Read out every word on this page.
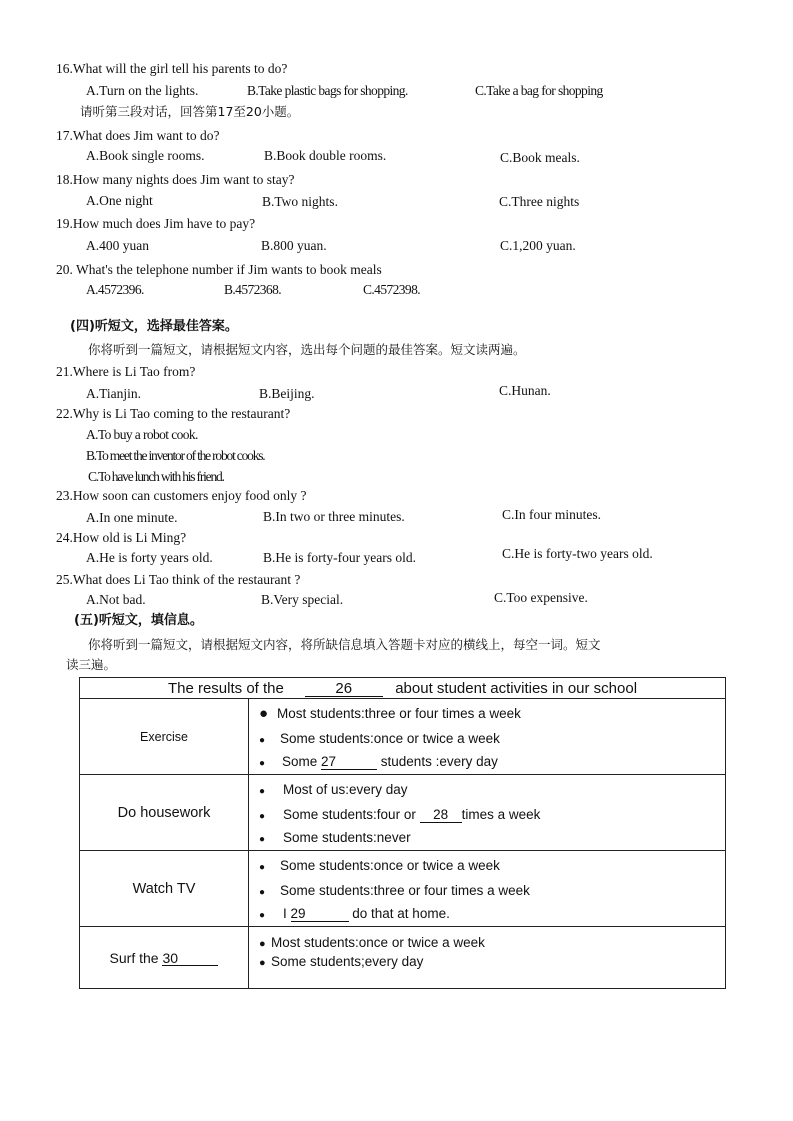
16.What will the girl tell his parents to do?
A.Turn on the lights.	B.Take plastic bags for shopping.	C.Take a bag for shopping
请听第三段对话，回答第17至20小题。
17.What does Jim want to do?
A.Book single rooms.	B.Book double rooms.	C.Book meals.
18.How many nights does Jim want to stay?
A.One night	B.Two nights.	C.Three nights
19.How much does Jim have to pay?
A.400 yuan	B.800 yuan.	C.1,200 yuan.
20. What's the telephone number if Jim wants to book meals
A.4572396.	B.4572368.	C.4572398.
(四)听短文，选择最佳答案。
你将听到一篇短文，请根据短文内容，选出每个问题的最佳答案。短文读两遍。
21.Where is Li Tao from?
A.Tianjin.	B.Beijing.	C.Hunan.
22.Why is Li Tao coming to the restaurant?
A.To buy a robot cook.
B.To meet the inventor of the robot cooks.
C.To have lunch with his friend.
23.How soon can customers enjoy food only ?
A.In one minute.	B.In two or three minutes.	C.In four minutes.
24.How old is Li Ming?
A.He is forty years old.	B.He is forty-four years old.	C.He is forty-two years old.
25.What does Li Tao think of the restaurant ?
A.Not bad.	B.Very special.	C.Too expensive.
(五)听短文，填信息。
你将听到一篇短文，请根据短文内容，将所缺信息填入答题卡对应的横线上，每空一词。短文
读三遍。
The results of the 26 about student activities in our school	
Exercise	● Most students:three or four times a week
● Some students:once or twice a week
● Some 27 students :every day

Do housework	● Most of us:every day
● Some students:four or 28 times a week
● Some students:never

Watch TV	● Some students:once or twice a week
● Some students:three or four times a week
● I 29 do that at home.

Surf the 30	● Most students:once or twice a week
● Some students;every day
